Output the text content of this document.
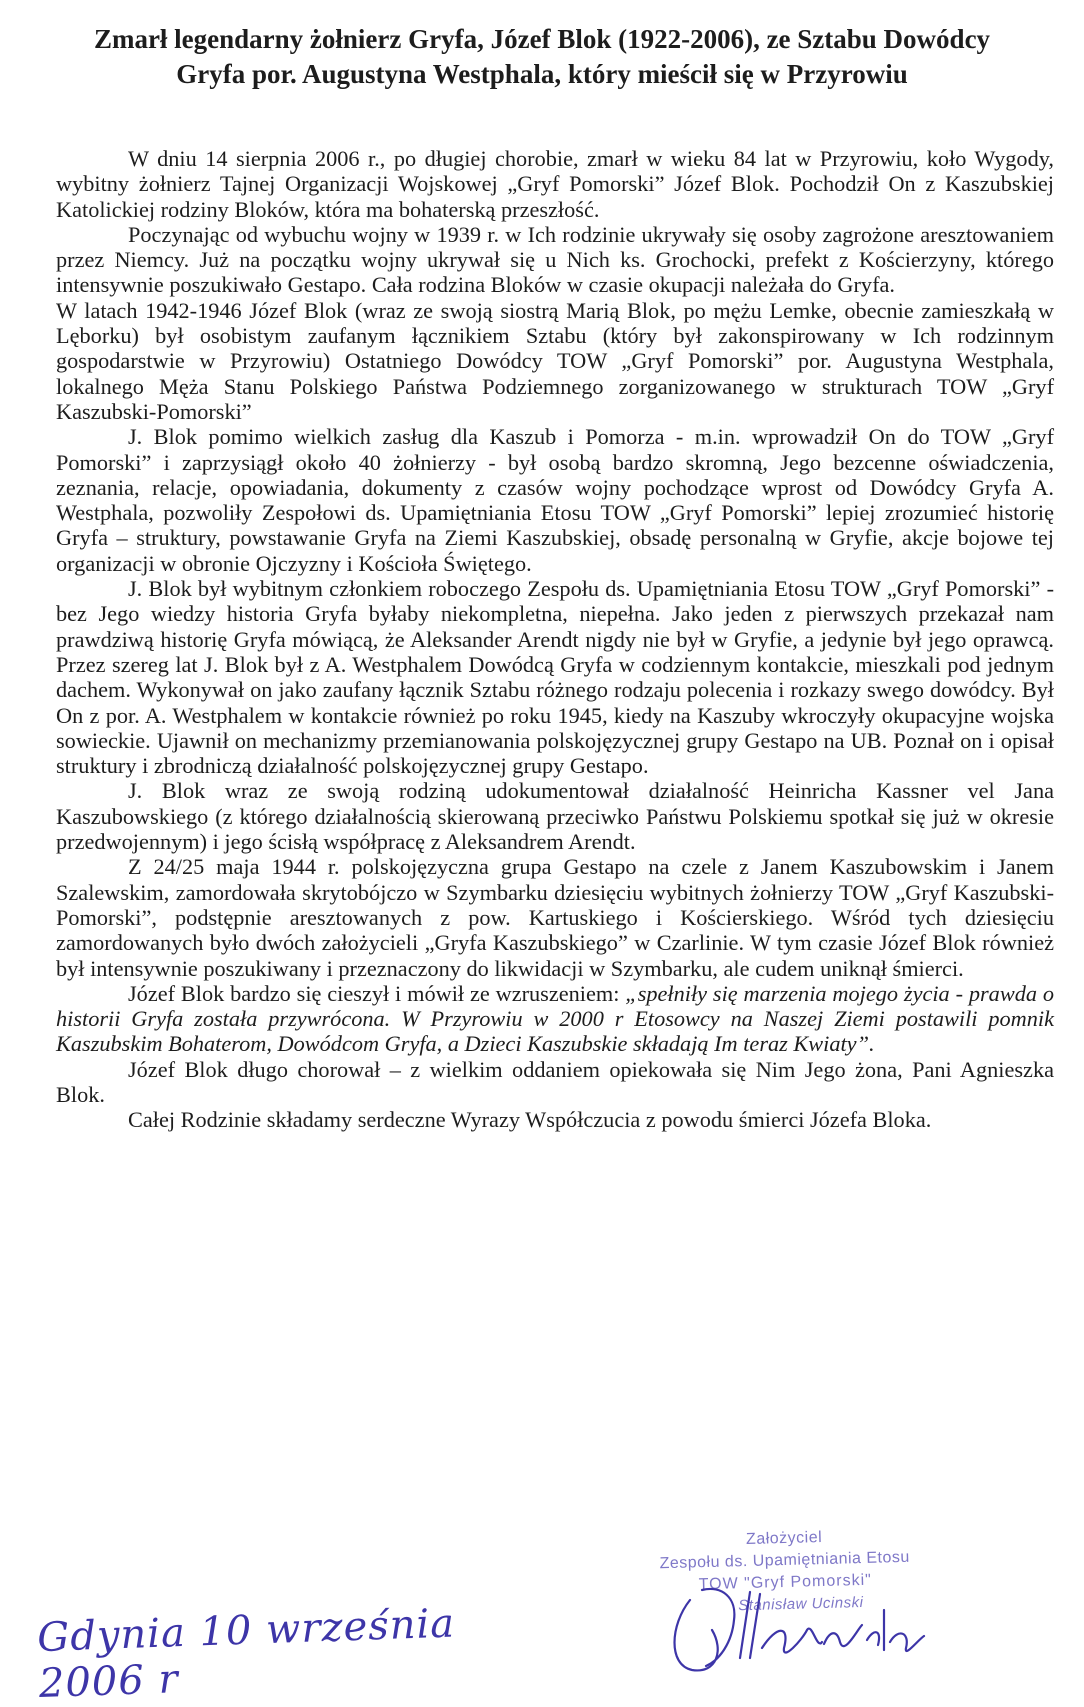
Zmarł legendarny żołnierz Gryfa, Józef Blok (1922-2006), ze Sztabu Dowódcy
Gryfa por. Augustyna Westphala, który mieścił się w Przyrowiu

W dniu 14 sierpnia 2006 r., po długiej chorobie, zmarł w wieku 84 lat w Przyrowiu, koło Wygody, wybitny żołnierz Tajnej Organizacji Wojskowej „Gryf Pomorski” Józef Blok. Pochodził On z Kaszubskiej Katolickiej rodziny Bloków, która ma bohaterską przeszłość.

Poczynając od wybuchu wojny w 1939 r. w Ich rodzinie ukrywały się osoby zagrożone aresztowaniem przez Niemcy. Już na początku wojny ukrywał się u Nich ks. Grochocki, prefekt z Kościerzyny, którego intensywnie poszukiwało Gestapo. Cała rodzina Bloków w czasie okupacji należała do Gryfa.

W latach 1942-1946 Józef Blok (wraz ze swoją siostrą Marią Blok, po mężu Lemke, obecnie zamieszkałą w Lęborku) był osobistym zaufanym łącznikiem Sztabu (który był zakonspirowany w Ich rodzinnym gospodarstwie w Przyrowiu) Ostatniego Dowódcy TOW „Gryf Pomorski” por. Augustyna Westphala, lokalnego Męża Stanu Polskiego Państwa Podziemnego zorganizowanego w strukturach TOW „Gryf Kaszubski-Pomorski”

J. Blok pomimo wielkich zasług dla Kaszub i Pomorza - m.in. wprowadził On do TOW „Gryf Pomorski” i zaprzysiągł około 40 żołnierzy - był osobą bardzo skromną, Jego bezcenne oświadczenia, zeznania, relacje, opowiadania, dokumenty z czasów wojny pochodzące wprost od Dowódcy Gryfa A. Westphala, pozwoliły Zespołowi ds. Upamiętniania Etosu TOW „Gryf Pomorski” lepiej zrozumieć historię Gryfa – struktury, powstawanie Gryfa na Ziemi Kaszubskiej, obsadę personalną w Gryfie, akcje bojowe tej organizacji w obronie Ojczyzny i Kościoła Świętego.

J. Blok był wybitnym członkiem roboczego Zespołu ds. Upamiętniania Etosu TOW „Gryf Pomorski” - bez Jego wiedzy historia Gryfa byłaby niekompletna, niepełna. Jako jeden z pierwszych przekazał nam prawdziwą historię Gryfa mówiącą, że Aleksander Arendt nigdy nie był w Gryfie, a jedynie był jego oprawcą. Przez szereg lat J. Blok był z A. Westphalem Dowódcą Gryfa w codziennym kontakcie, mieszkali pod jednym dachem. Wykonywał on jako zaufany łącznik Sztabu różnego rodzaju polecenia i rozkazy swego dowódcy. Był On z por. A. Westphalem w kontakcie również po roku 1945, kiedy na Kaszuby wkroczyły okupacyjne wojska sowieckie. Ujawnił on mechanizmy przemianowania polskojęzycznej grupy Gestapo na UB. Poznał on i opisał struktury i zbrodniczą działalność polskojęzycznej grupy Gestapo.

J. Blok wraz ze swoją rodziną udokumentował działalność Heinricha Kassner vel Jana Kaszubowskiego (z którego działalnością skierowaną przeciwko Państwu Polskiemu spotkał się już w okresie przedwojennym) i jego ścisłą współpracę z Aleksandrem Arendt.

Z 24/25 maja 1944 r. polskojęzyczna grupa Gestapo na czele z Janem Kaszubowskim i Janem Szalewskim, zamordowała skrytobójczo w Szymbarku dziesięciu wybitnych żołnierzy TOW „Gryf Kaszubski-Pomorski”, podstępnie aresztowanych z pow. Kartuskiego i Kościerskiego. Wśród tych dziesięciu zamordowanych było dwóch założycieli „Gryfa Kaszubskiego” w Czarlinie. W tym czasie Józef Blok również był intensywnie poszukiwany i przeznaczony do likwidacji w Szymbarku, ale cudem uniknął śmierci.

Józef Blok bardzo się cieszył i mówił ze wzruszeniem: „spełniły się marzenia mojego życia - prawda o historii Gryfa została przywrócona. W Przyrowiu w 2000 r Etosowcy na Naszej Ziemi postawili pomnik Kaszubskim Bohaterom, Dowódcom Gryfa, a Dzieci Kaszubskie składają Im teraz Kwiaty”.

Józef Blok długo chorował – z wielkim oddaniem opiekowała się Nim Jego żona, Pani Agnieszka Blok.

Całej Rodzinie składamy serdeczne Wyrazy Współczucia z powodu śmierci Józefa Bloka.

Założyciel
Zespołu ds. Upamiętniania Etosu
TOW "Gryf Pomorski"
Stanisław Ucinski
Gdynia 10 września 2006 r
